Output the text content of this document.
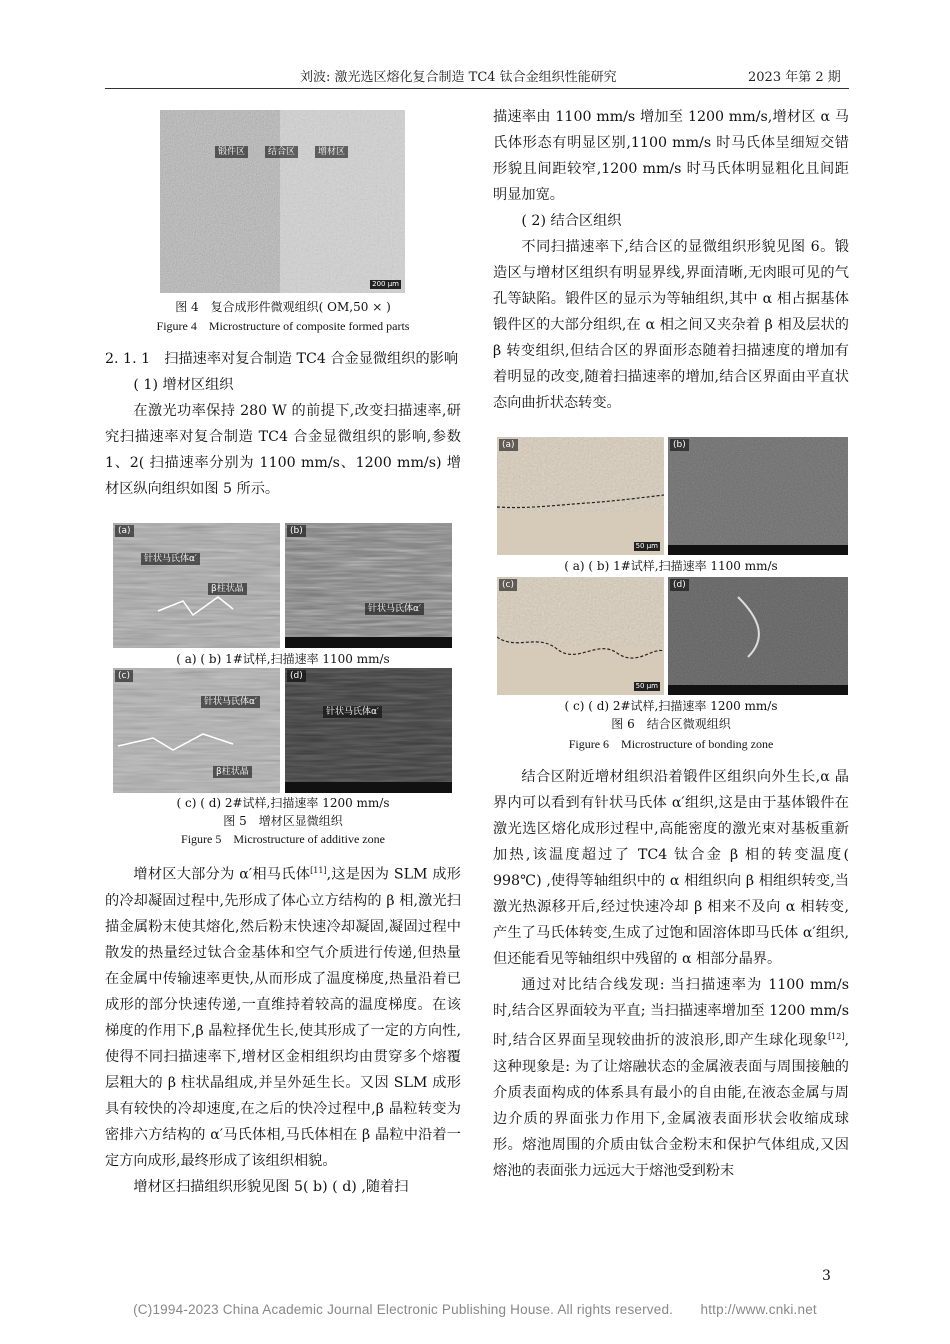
刘波: 激光选区熔化复合制造 TC4 钛合金组织性能研究	2023 年第 2 期
锻件区	结合区	增材区
200 μm
图 4　复合成形件微观组织( OM,50 × )
Figure 4　Microstructure of composite formed parts

2. 1. 1　扫描速率对复合制造 TC4 合金显微组织的影响

( 1) 增材区组织

在激光功率保持 280 W 的前提下,改变扫描速率,研究扫描速率对复合制造 TC4 合金显微组织的影响,参数 1、2( 扫描速率分别为 1100 mm/s、1200 mm/s) 增材区纵向组织如图 5 所示。

(a)
针状马氏体α′
β柱状晶
(b)
针状马氏体α′
( a) ( b) 1#试样,扫描速率 1100 mm/s
(c)
针状马氏体α′
β柱状晶
(d)
针状马氏体α′
( c) ( d) 2#试样,扫描速率 1200 mm/s
图 5　增材区显微组织
Figure 5　Microstructure of additive zone

增材区大部分为 α′相马氏体[11],这是因为 SLM 成形的冷却凝固过程中,先形成了体心立方结构的 β 相,激光扫描金属粉末使其熔化,然后粉末快速冷却凝固,凝固过程中散发的热量经过钛合金基体和空气介质进行传递,但热量在金属中传输速率更快,从而形成了温度梯度,热量沿着已成形的部分快速传递,一直维持着较高的温度梯度。在该梯度的作用下,β 晶粒择优生长,使其形成了一定的方向性,使得不同扫描速率下,增材区金相组织均由贯穿多个熔覆层粗大的 β 柱状晶组成,并呈外延生长。又因 SLM 成形具有较快的冷却速度,在之后的快冷过程中,β 晶粒转变为密排六方结构的 α′马氏体相,马氏体相在 β 晶粒中沿着一定方向成形,最终形成了该组织相貌。

增材区扫描组织形貌见图 5( b) ( d) ,随着扫

描速率由 1100 mm/s 增加至 1200 mm/s,增材区 α 马氏体形态有明显区别,1100 mm/s 时马氏体呈细短交错形貌且间距较窄,1200 mm/s 时马氏体明显粗化且间距明显加宽。

( 2) 结合区组织

不同扫描速率下,结合区的显微组织形貌见图 6。锻造区与增材区组织有明显界线,界面清晰,无肉眼可见的气孔等缺陷。锻件区的显示为等轴组织,其中 α 相占据基体锻件区的大部分组织,在 α 相之间又夹杂着 β 相及层状的 β 转变组织,但结合区的界面形态随着扫描速度的增加有着明显的改变,随着扫描速率的增加,结合区界面由平直状态向曲折状态转变。

(a)
50 μm
(b)
( a) ( b) 1#试样,扫描速率 1100 mm/s
(c)
50 μm
(d)
( c) ( d) 2#试样,扫描速率 1200 mm/s
图 6　结合区微观组织
Figure 6　Microstructure of bonding zone

结合区附近增材组织沿着锻件区组织向外生长,α 晶界内可以看到有针状马氏体 α′组织,这是由于基体锻件在激光选区熔化成形过程中,高能密度的激光束对基板重新加热,该温度超过了 TC4 钛合金 β 相的转变温度( 998℃) ,使得等轴组织中的 α 相组织向 β 相组织转变,当激光热源移开后,经过快速冷却 β 相来不及向 α 相转变,产生了马氏体转变,生成了过饱和固溶体即马氏体 α′组织,但还能看见等轴组织中残留的 α 相部分晶界。

通过对比结合线发现: 当扫描速率为 1100 mm/s 时,结合区界面较为平直; 当扫描速率增加至 1200 mm/s 时,结合区界面呈现较曲折的波浪形,即产生球化现象[12],这种现象是: 为了让熔融状态的金属液表面与周围接触的介质表面构成的体系具有最小的自由能,在液态金属与周边介质的界面张力作用下,金属液表面形状会收缩成球形。熔池周围的介质由钛合金粉末和保护气体组成,又因熔池的表面张力远远大于熔池受到粉末

3
(C)1994-2023 China Academic Journal Electronic Publishing House. All rights reserved.　　http://www.cnki.net
